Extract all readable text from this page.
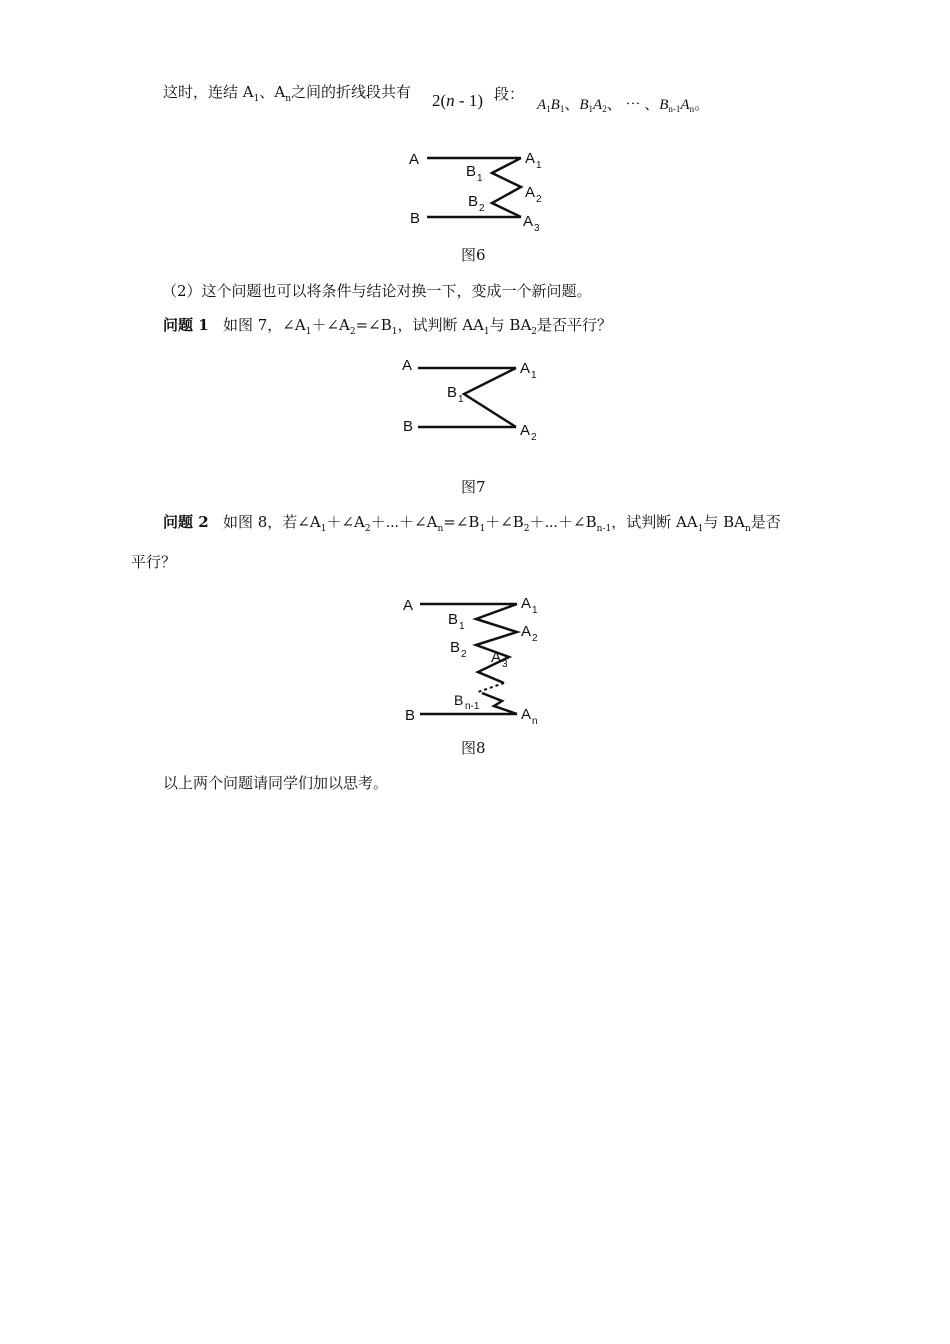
这时，连结 $A_1$、$A_n$之间的折线段共有 2(n - 1) 段：
$A_1B_1$、$B_1A_2$、 ⋯ 、$B_{n-1}A_n$。
A	A 1
B 1
A 2
B 2
B	A 3
图6
（2）这个问题也可以将条件与结论对换一下，变成一个新问题。
问题 1 如图 7，$\angle A_1+\angle A_2=\angle B_1$，试判断 $AA_1$与 $BA_2$是否平行？
A	A 1
B 1
B	A 2
图7
问题 2 如图 8，若$\angle A_1+\angle A_2+\cdots+\angle A_n=\angle B_1+\angle B_2+\cdots+\angle B_{n-1}$，试判断 $AA_1$与 $BA_n$是否
平行？
A	A 1
B 1	A 2
B 2 A 3
B n-1
B	A n
图8
以上两个问题请同学们加以思考。
